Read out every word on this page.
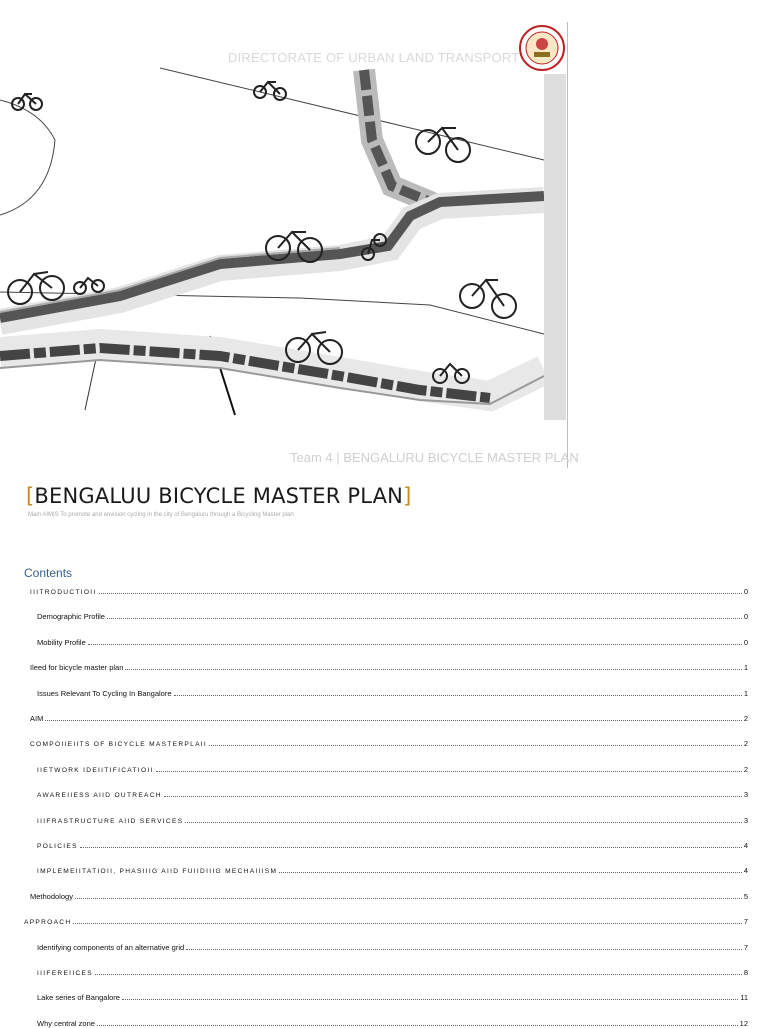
DIRECTORATE OF URBAN LAND TRANSPORT
Team 4 | BENGALURU BICYCLE MASTER PLAN
[BENGALUU BICYCLE MASTER PLAN]
Main AIMIS To promote and envision cycling in the city of Bengaluru through a Bicycling Master plan
Contents
IIITRODUCTIOII	0
Demographic Profile	0
Mobility Profile	0
Ileed for bicycle master plan	1
Issues Relevant To Cycling In Bangalore	1
AIM	2
COMPOIIEIITS OF BICYCLE MASTERPLAII	2
IIETWORK IDEIITIFICATIOII	2
AWAREIIESS AIID OUTREACH	3
IIIFRASTRUCTURE AIID SERVICES	3
POLICIES	4
IMPLEMEIITATIOII, PHASIIIG AIID FUIIDIIIG MECHAIIISM	4
Methodology	5
APPROACH	7
Identifying components of an alternative grid	7
IIIFEREIICES	8
Lake series of Bangalore	11
Why central zone	12
